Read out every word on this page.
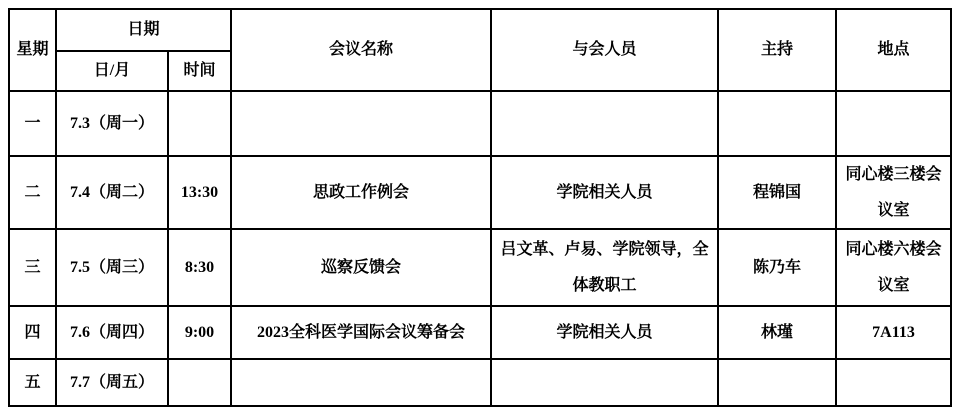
星期	日期		会议名称	与会人员	主持	地点
	日/月	时间				
一	7.3（周一）					
二	7.4（周二）	13:30	思政工作例会	学院相关人员	程锦国	同心楼三楼会议室
三	7.5（周三）	8:30	巡察反馈会	吕文革、卢易、学院领导，全体教职工	陈乃车	同心楼六楼会议室
四	7.6（周四）	9:00	2023全科医学国际会议筹备会	学院相关人员	林瑾	7A113
五	7.7（周五）					
